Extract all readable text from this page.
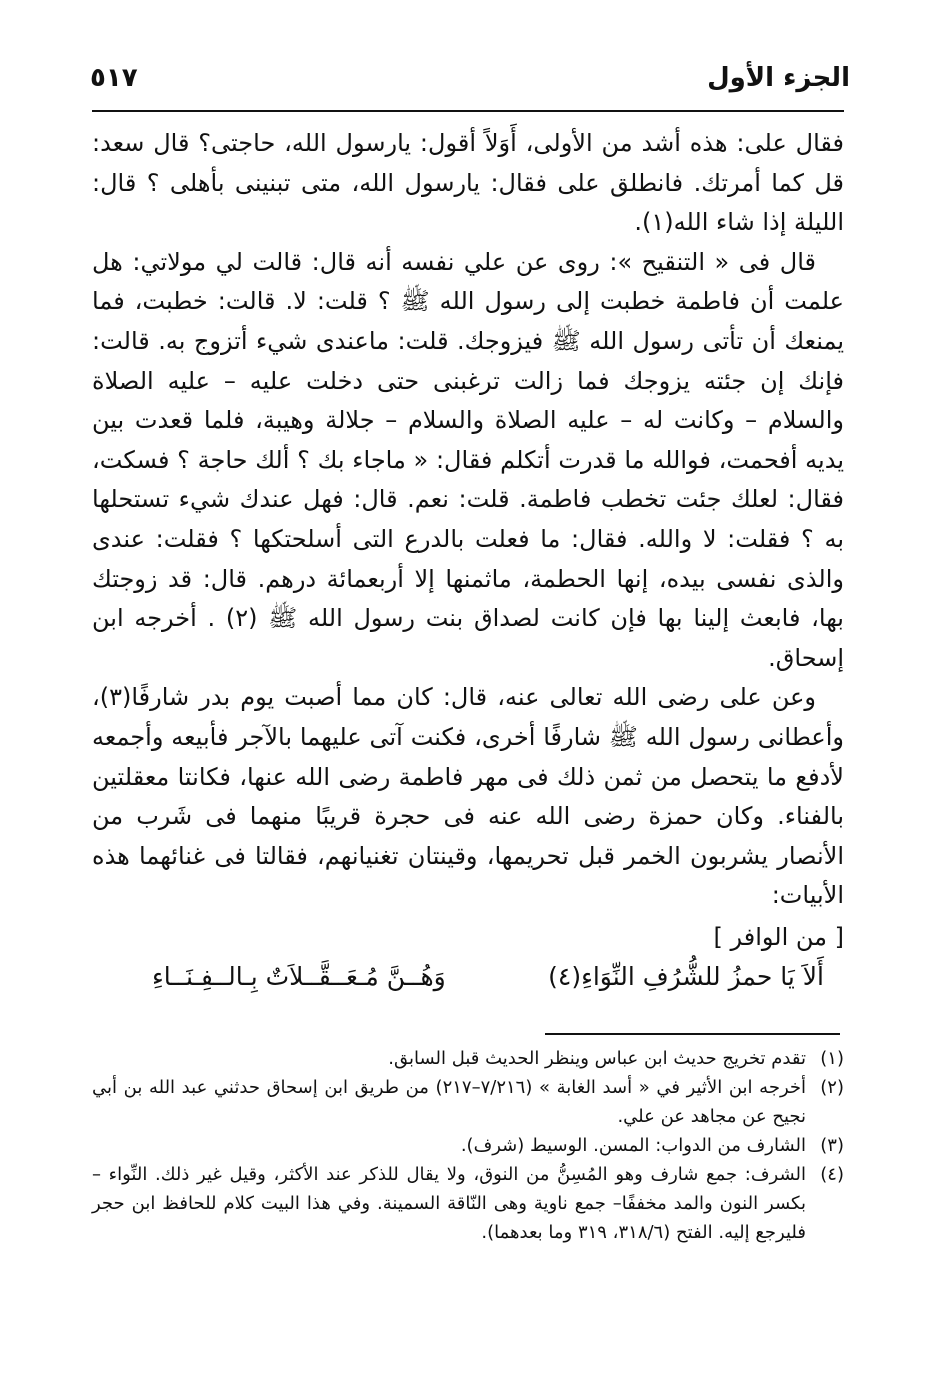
٥١٧	الجزء الأول

فقال على: هذه أشد من الأولى، أَوَلاً أقول: يارسول الله، حاجتى؟ قال سعد: قل كما أمرتك. فانطلق على فقال: يارسول الله، متى تبنينى بأهلى ؟ قال: الليلة إذا شاء الله(١).

قال فى « التنقيح »: روى عن علي نفسه أنه قال: قالت لي مولاتي: هل علمت أن فاطمة خطبت إلى رسول الله ﷺ ؟ قلت: لا. قالت: خطبت، فما يمنعك أن تأتى رسول الله ﷺ فيزوجك. قلت: ماعندى شيء أتزوج به. قالت: فإنك إن جئته يزوجك فما زالت ترغبنى حتى دخلت عليه – عليه الصلاة والسلام – وكانت له – عليه الصلاة والسلام – جلالة وهيبة، فلما قعدت بين يديه أفحمت، فوالله ما قدرت أتكلم فقال: « ماجاء بك ؟ ألك حاجة ؟ فسكت، فقال: لعلك جئت تخطب فاطمة. قلت: نعم. قال: فهل عندك شيء تستحلها به ؟ فقلت: لا والله. فقال: ما فعلت بالدرع التى أسلحتكها ؟ فقلت: عندى والذى نفسى بيده، إنها الحطمة، ماثمنها إلا أربعمائة درهم. قال: قد زوجتك بها، فابعث إلينا بها فإن كانت لصداق بنت رسول الله ﷺ (٢) . أخرجه ابن إسحاق.

وعن على رضى الله تعالى عنه، قال: كان مما أصبت يوم بدر شارفًا(٣)، وأعطانى رسول الله ﷺ شارفًا أخرى، فكنت آتى عليهما بالآجر فأبيعه وأجمعه لأدفع ما يتحصل من ثمن ذلك فى مهر فاطمة رضى الله عنها، فكانتا معقلتين بالفناء. وكان حمزة رضى الله عنه فى حجرة قريبًا منهما فى شَرب من الأنصار يشربون الخمر قبل تحريمها، وقينتان تغنيانهم، فقالتا فى غنائهما هذه الأبيات:

[ من الوافر ]
أَلاَ يَا حمزُ للشُّرُفِ النِّوَاءِ(٤)
وَهُــنَّ مُـعَــقَّــلاَتٌ بِـالــفِـنَــاءِ
(١)
تقدم تخريج حديث ابن عباس وينظر الحديث قبل السابق.
(٢)
أخرجه ابن الأثير في « أسد الغابة » (٧/٢١٦–٢١٧) من طريق ابن إسحاق حدثني عبد الله بن أبي نجيح عن مجاهد عن علي.
(٣)
الشارف من الدواب: المسن. الوسيط (شرف).
(٤)
الشرف: جمع شارف وهو المُسِنُّ من النوق، ولا يقال للذكر عند الأكثر، وقيل غير ذلك. النِّواء –بكسر النون والمد مخففًا– جمع ناوية وهى النّاقة السمينة. وفي هذا البيت كلام للحافظ ابن حجر فليرجع إليه. الفتح (٣١٨/٦، ٣١٩ وما بعدهما).
